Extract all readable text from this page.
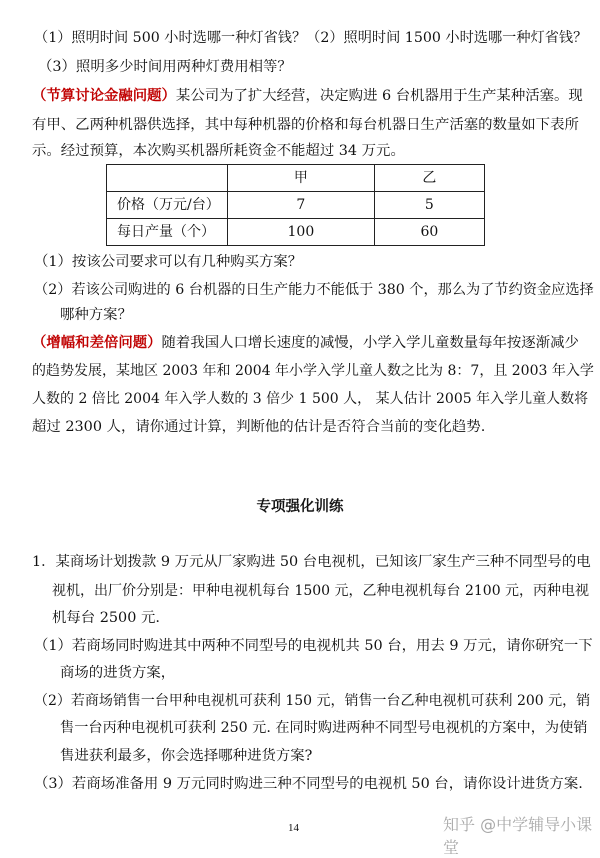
（1）照明时间 500 小时选哪一种灯省钱？（2）照明时间 1500 小时选哪一种灯省钱？

（3）照明多少时间用两种灯费用相等？

（节算讨论金融问题）某公司为了扩大经营，决定购进 6 台机器用于生产某种活塞。现

有甲、乙两种机器供选择，其中每种机器的价格和每台机器日生产活塞的数量如下表所

示。经过预算，本次购买机器所耗资金不能超过 34 万元。

	甲	乙
价格（万元/台）	7	5
每日产量（个）	100	60

（1）按该公司要求可以有几种购买方案？

（2）若该公司购进的 6 台机器的日生产能力不能低于 380 个，那么为了节约资金应选择

哪种方案？

（增幅和差倍问题）随着我国人口增长速度的减慢，小学入学儿童数量每年按逐渐减少

的趋势发展，某地区 2003 年和 2004 年小学入学儿童人数之比为 8：7，且 2003 年入学

人数的 2 倍比 2004 年入学人数的 3 倍少 1 500 人， 某人估计 2005 年入学儿童人数将

超过 2300 人，请你通过计算，判断他的估计是否符合当前的变化趋势.

专项强化训练

1．某商场计划拨款 9 万元从厂家购进 50 台电视机，已知该厂家生产三种不同型号的电

视机，出厂价分别是：甲种电视机每台 1500 元，乙种电视机每台 2100 元，丙种电视

机每台 2500 元.

（1）若商场同时购进其中两种不同型号的电视机共 50 台，用去 9 万元，请你研究一下

商场的进货方案，

（2）若商场销售一台甲种电视机可获利 150 元，销售一台乙种电视机可获利 200 元，销

售一台丙种电视机可获利 250 元. 在同时购进两种不同型号电视机的方案中，为使销

售进获利最多，你会选择哪种进货方案?

（3）若商场准备用 9 万元同时购进三种不同型号的电视机 50 台，请你设计进货方案.

14	知乎 @中学辅导小课堂
